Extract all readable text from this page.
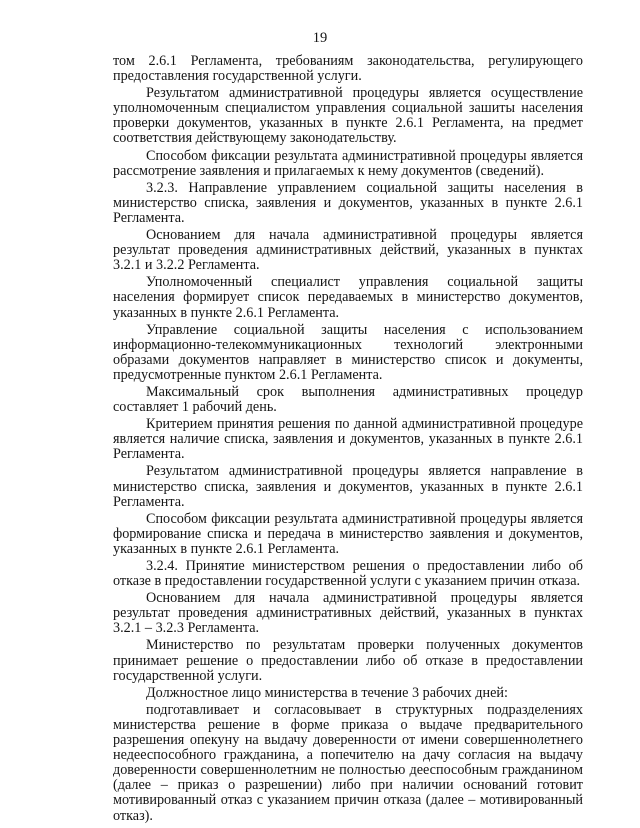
19

том 2.6.1 Регламента, требованиям законодательства, регулирующего предоставления государственной услуги.

Результатом административной процедуры является осуществление уполномоченным специалистом управления социальной зашиты населения проверки документов, указанных в пункте 2.6.1 Регламента, на предмет соответствия действующему законодательству.

Способом фиксации результата административной процедуры является рассмотрение заявления и прилагаемых к нему документов (сведений).

3.2.3. Направление управлением социальной защиты населения в министерство списка, заявления и документов, указанных в пункте 2.6.1 Регламента.

Основанием для начала административной процедуры является результат проведения административных действий, указанных в пунктах 3.2.1 и 3.2.2 Регламента.

Уполномоченный специалист управления социальной защиты населения формирует список передаваемых в министерство документов, указанных в пункте 2.6.1 Регламента.

Управление социальной защиты населения с использованием информационно-телекоммуникационных технологий электронными образами документов направляет в министерство список и документы, предусмотренные пунктом 2.6.1 Регламента.

Максимальный срок выполнения административных процедур составляет 1 рабочий день.

Критерием принятия решения по данной административной процедуре является наличие списка, заявления и документов, указанных в пункте 2.6.1 Регламента.

Результатом административной процедуры является направление в министерство списка, заявления и документов, указанных в пункте 2.6.1 Регламента.

Способом фиксации результата административной процедуры является формирование списка и передача в министерство заявления и документов, указанных в пункте 2.6.1 Регламента.

3.2.4. Принятие министерством решения о предоставлении либо об отказе в предоставлении государственной услуги с указанием причин отказа.

Основанием для начала административной процедуры является результат проведения административных действий, указанных в пунктах 3.2.1 – 3.2.3 Регламента.

Министерство по результатам проверки полученных документов принимает решение о предоставлении либо об отказе в предоставлении государственной услуги.

Должностное лицо министерства в течение 3 рабочих дней:

подготавливает и согласовывает в структурных подразделениях министерства решение в форме приказа о выдаче предварительного разрешения опекуну на выдачу доверенности от имени совершеннолетнего недееспособного гражданина, а попечителю на дачу согласия на выдачу доверенности совершеннолетним не полностью дееспособным гражданином (далее – приказ о разрешении) либо при наличии оснований готовит мотивированный отказ с указанием причин отказа (далее – мотивированный отказ).
